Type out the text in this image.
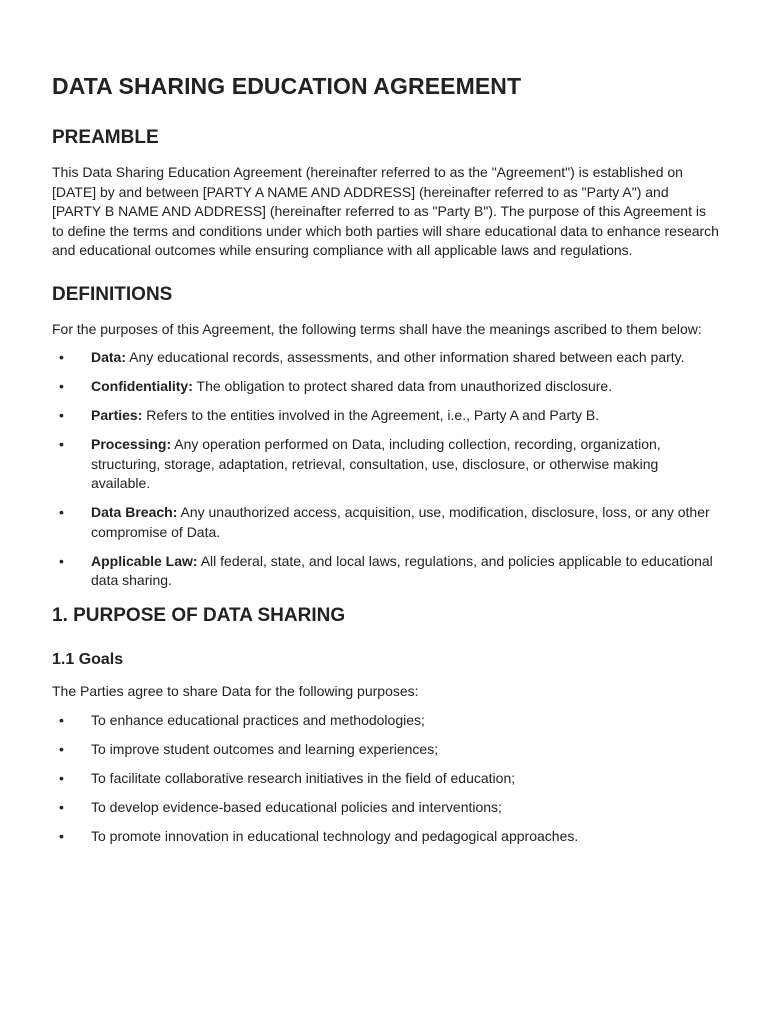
DATA SHARING EDUCATION AGREEMENT
PREAMBLE

This Data Sharing Education Agreement (hereinafter referred to as the "Agreement") is established on [DATE] by and between [PARTY A NAME AND ADDRESS] (hereinafter referred to as "Party A") and [PARTY B NAME AND ADDRESS] (hereinafter referred to as "Party B"). The purpose of this Agreement is to define the terms and conditions under which both parties will share educational data to enhance research and educational outcomes while ensuring compliance with all applicable laws and regulations.

DEFINITIONS

For the purposes of this Agreement, the following terms shall have the meanings ascribed to them below:

• Data: Any educational records, assessments, and other information shared between each party.
• Confidentiality: The obligation to protect shared data from unauthorized disclosure.
• Parties: Refers to the entities involved in the Agreement, i.e., Party A and Party B.
• Processing: Any operation performed on Data, including collection, recording, organization, structuring, storage, adaptation, retrieval, consultation, use, disclosure, or otherwise making available.
• Data Breach: Any unauthorized access, acquisition, use, modification, disclosure, loss, or any other compromise of Data.
• Applicable Law: All federal, state, and local laws, regulations, and policies applicable to educational data sharing.
1. PURPOSE OF DATA SHARING
1.1 Goals

The Parties agree to share Data for the following purposes:

• To enhance educational practices and methodologies;
• To improve student outcomes and learning experiences;
• To facilitate collaborative research initiatives in the field of education;
• To develop evidence-based educational policies and interventions;
• To promote innovation in educational technology and pedagogical approaches.
